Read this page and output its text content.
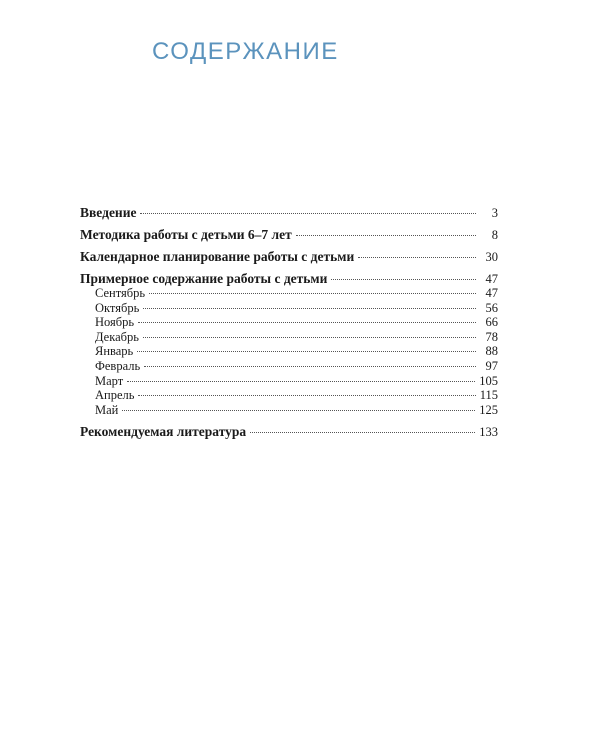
СОДЕРЖАНИЕ
Введение	3
Методика работы с детьми 6–7 лет	8
Календарное планирование работы с детьми	30
Примерное содержание работы с детьми	47
Сентябрь	47
Октябрь	56
Ноябрь	66
Декабрь	78
Январь	88
Февраль	97
Март	105
Апрель	115
Май	125
Рекомендуемая литература	133
